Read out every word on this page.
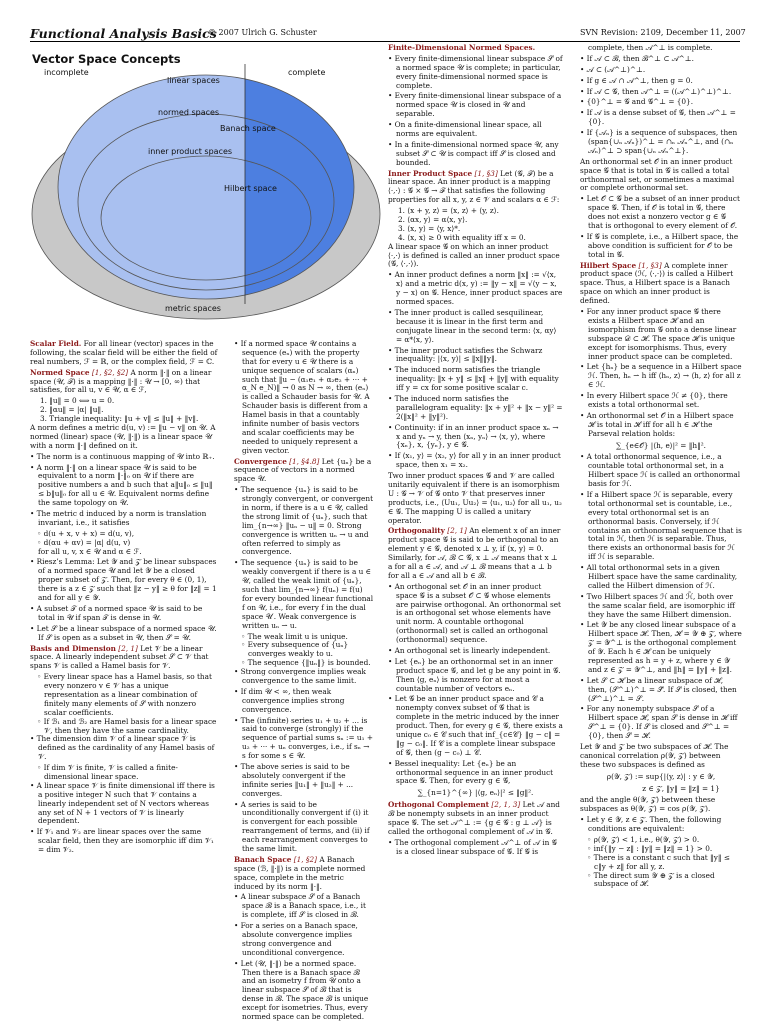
Functional Analysis Basics
© 2007 Ulrich G. Schuster	SVN Revision: 2109, December 11, 2007
Vector Space Concepts
incomplete	complete
linear spaces
normed spaces
Banach space
inner product spaces
Hilbert space
metric spaces

Scalar Field. For all linear (vector) spaces in the following, the scalar field will be either the field of real numbers, ℱ = ℝ, or the complex field, ℱ = ℂ.

Normed Space [1, §2, §2] A norm ‖·‖ on a linear space (𝒰, ℱ) is a mapping ‖·‖ : 𝒰 → [0, ∞) that satisfies, for all u, v ∈ 𝒰, α ∈ ℱ,

1. ‖u‖ = 0 ⟺ u = 0.
2. ‖αu‖ = |α| ‖u‖.
3. Triangle inequality: ‖u + v‖ ≤ ‖u‖ + ‖v‖.

A norm defines a metric d(u, v) := ‖u − v‖ on 𝒰. A normed (linear) space (𝒰, ‖·‖) is a linear space 𝒰 with a norm ‖·‖ defined on it.

• The norm is a continuous mapping of 𝒰 into ℝ₊.
• A norm ‖·‖ on a linear space 𝒰 is said to be equivalent to a norm ‖·‖₀ on 𝒰 if there are positive numbers a and b such that a‖u‖₀ ≤ ‖u‖ ≤ b‖u‖₀ for all u ∈ 𝒰. Equivalent norms define the same topology on 𝒰.
• The metric d induced by a norm is translation invariant, i.e., it satisfies
◦ d(u + x, v + x) = d(u, v),
◦ d(αu + αv) = |α| d(u, v)

for all u, v, x ∈ 𝒰 and α ∈ ℱ.

• Riesz’s Lemma: Let 𝒴 and 𝒵 be linear subspaces of a normed space 𝒰 and let 𝒴 be a closed proper subset of 𝒵. Then, for every θ ∈ (0, 1), there is a z ∈ 𝒵 such that ‖z − y‖ ≥ θ for ‖z‖ = 1 and for all y ∈ 𝒴.
• A subset 𝒯 of a normed space 𝒰 is said to be total in 𝒰 if span 𝒯 is dense in 𝒰.
• Let 𝒮 be a linear subspace of a normed space 𝒰. If 𝒮 is open as a subset in 𝒰, then 𝒮 = 𝒰.

Basis and Dimension [2, 1] Let 𝒱 be a linear space. A linearly independent subset 𝒮 ⊂ 𝒱 that spans 𝒱 is called a Hamel basis for 𝒱.

◦ Every linear space has a Hamel basis, so that every nonzero v ∈ 𝒱 has a unique representation as a linear combination of finitely many elements of 𝒮 with nonzero scalar coefficients.
◦ If ℬ₁ and ℬ₂ are Hamel basis for a linear space 𝒱, then they have the same cardinality.
• The dimension dim 𝒱 of a linear space 𝒱 is defined as the cardinality of any Hamel basis of 𝒱.
◦ If dim 𝒱 is finite, 𝒱 is called a finite-dimensional linear space.
• A linear space 𝒱 is finite dimensional iff there is a positive integer N such that 𝒱 contains a linearly independent set of N vectors whereas any set of N + 1 vectors of 𝒱 is linearly dependent.
• If 𝒱₁ and 𝒱₂ are linear spaces over the same scalar field, then they are isomorphic iff dim 𝒱₁ = dim 𝒱₂.
• If a normed space 𝒰 contains a sequence (eₙ) with the property that for every u ∈ 𝒰 there is a unique sequence of scalars (αₙ) such that ‖u − (α₁e₁ + α₂e₂ + ··· + α_N e_N)‖ → 0 as N → ∞, then (eₙ) is called a Schauder basis for 𝒰. A Schauder basis is different from a Hamel basis in that a countably infinite number of basis vectors and scalar coefficients may be needed to uniquely represent a given vector.

Convergence [1, §4.8] Let {uₙ} be a sequence of vectors in a normed space 𝒰.

• The sequence {uₙ} is said to be strongly convergent, or convergent in norm, if there is a u ∈ 𝒰, called the strong limit of {uₙ}, such that lim_{n→∞} ‖uₙ − u‖ = 0. Strong convergence is written uₙ → u and often referred to simply as convergence.
• The sequence {uₙ} is said to be weakly convergent if there is a u ∈ 𝒰, called the weak limit of {uₙ}, such that lim_{n→∞} f(uₙ) = f(u) for every bounded linear functional f on 𝒰, i.e., for every f in the dual space 𝒰′. Weak convergence is written uₙ ⇀ u.
◦ The weak limit u is unique.
◦ Every subsequence of {uₙ} converges weakly to u.
◦ The sequence {‖uₙ‖} is bounded.
• Strong convergence implies weak convergence to the same limit.
• If dim 𝒰 < ∞, then weak convergence implies strong convergence.
• The (infinite) series u₁ + u₂ + ... is said to converge (strongly) if the sequence of partial sums sₙ := u₁ + u₂ + ··· + uₙ converges, i.e., if sₙ → s for some s ∈ 𝒰.
• The above series is said to be absolutely convergent if the infinite series ‖u₁‖ + ‖u₂‖ + ... converges.
• A series is said to be unconditionally convergent if (i) it is convergent for each possible rearrangement of terms, and (ii) if each rearrangement converges to the same limit.

Banach Space [1, §2] A Banach space (ℬ, ‖·‖) is a complete normed space, complete in the metric induced by its norm ‖·‖.

• A linear subspace 𝒮 of a Banach space ℬ is a Banach space, i.e., it is complete, iff 𝒮 is closed in ℬ.
• For a series on a Banach space, absolute convergence implies strong convergence and unconditional convergence.
• Let (𝒰, ‖·‖) be a normed space. Then there is a Banach space ℬ and an isometry f from 𝒰 onto a linear subspace 𝒮 of ℬ that is dense in ℬ. The space ℬ is unique except for isometries. Thus, every normed space can be completed.

Finite-Dimensional Normed Spaces.

• Every finite-dimensional linear subspace 𝒮 of a normed space 𝒰 is complete; in particular, every finite-dimensional normed space is complete.
• Every finite-dimensional linear subspace of a normed space 𝒰 is closed in 𝒰 and separable.
• On a finite-dimensional linear space, all norms are equivalent.
• In a finite-dimensional normed space 𝒰, any subset 𝒮 ⊂ 𝒰 is compact iff 𝒮 is closed and bounded.

Inner Product Space [1, §3] Let (𝒢, ℱ) be a linear space. An inner product is a mapping ⟨·,·⟩ : 𝒢 × 𝒢 → ℱ that satisfies the following properties for all x, y, z ∈ 𝒱 and scalars α ∈ ℱ:

1. ⟨x + y, z⟩ = ⟨x, z⟩ + ⟨y, z⟩.
2. ⟨αx, y⟩ = α⟨x, y⟩.
3. ⟨x, y⟩ = ⟨y, x⟩*.
4. ⟨x, x⟩ ≥ 0 with equality iff x = 0.

A linear space 𝒢 on which an inner product ⟨·,·⟩ is defined is called an inner product space (𝒢, ⟨·,·⟩).

• An inner product defines a norm ‖x‖ := √⟨x, x⟩ and a metric d(x, y) := ‖y − x‖ = √⟨y − x, y − x⟩ on 𝒢. Hence, inner product spaces are normed spaces.
• The inner product is called sesquilinear, because it is linear in the first term and conjugate linear in the second term: ⟨x, αy⟩ = α*⟨x, y⟩.
• The inner product satisfies the Schwarz inequality: |⟨x, y⟩| ≤ ‖x‖‖y‖.
• The induced norm satisfies the triangle inequality: ‖x + y‖ ≤ ‖x‖ + ‖y‖ with equality iff y = cx for some positive scalar c.
• The induced norm satisfies the parallelogram equality: ‖x + y‖² + ‖x − y‖² = 2(‖x‖² + ‖y‖²).
• Continuity: if in an inner product space xₙ → x and yₙ → y, then ⟨xₙ, yₙ⟩ → ⟨x, y⟩, where {xₙ}, x, {yₙ}, y ∈ 𝒢.
• If ⟨x₁, y⟩ = ⟨x₂, y⟩ for all y in an inner product space, then x₁ = x₂.

Two inner product spaces 𝒢 and 𝒱 are called unitarily equivalent if there is an isomorphism U : 𝒢 → 𝒱 of 𝒢 onto 𝒱 that preserves inner products, i.e., ⟨Uu₁, Uu₂⟩ = ⟨u₁, u₂⟩ for all u₁, u₂ ∈ 𝒢. The mapping U is called a unitary operator.

Orthogonality [2, 1] An element x of an inner product space 𝒢 is said to be orthogonal to an element y ∈ 𝒢, denoted x ⊥ y, if ⟨x, y⟩ = 0. Similarly, for 𝒜, ℬ ⊂ 𝒢, x ⊥ 𝒜 means that x ⊥ a for all a ∈ 𝒜, and 𝒜 ⊥ ℬ means that a ⊥ b for all a ∈ 𝒜 and all b ∈ ℬ.

• An orthogonal set 𝒪 in an inner product space 𝒢 is a subset 𝒪 ⊂ 𝒢 whose elements are pairwise orthogonal. An orthonormal set is an orthogonal set whose elements have unit norm. A countable orthogonal (orthonormal) set is called an orthogonal (orthonormal) sequence.
• An orthogonal set is linearly independent.
• Let {eₙ} be an orthonormal set in an inner product space 𝒢, and let g be any point in 𝒢. Then ⟨g, eₙ⟩ is nonzero for at most a countable number of vectors eₙ.
• Let 𝒢 be an inner product space and 𝒞 a nonempty convex subset of 𝒢 that is complete in the metric induced by the inner product. Then, for every g ∈ 𝒢, there exists a unique c₀ ∈ 𝒞 such that inf_{c∈𝒞} ‖g − c‖ = ‖g − c₀‖. If 𝒞 is a complete linear subspace of 𝒢, then (g − c₀) ⊥ 𝒞.
• Bessel inequality: Let {eₙ} be an orthonormal sequence in an inner product space 𝒢. Then, for every g ∈ 𝒢,
∑_{n=1}^{∞} |⟨g, eₙ⟩|² ≤ ‖g‖².

Orthogonal Complement [2, 1, 3] Let 𝒜 and ℬ be nonempty subsets in an inner product space 𝒢. The set 𝒜^⊥ := {g ∈ 𝒢 : g ⊥ 𝒜} is called the orthogonal complement of 𝒜 in 𝒢.

• The orthogonal complement 𝒜^⊥ of 𝒜 in 𝒢 is a closed linear subspace of 𝒢. If 𝒢 is

complete, then 𝒜^⊥ is complete.

• If 𝒜 ⊂ ℬ, then ℬ^⊥ ⊂ 𝒜^⊥.
• 𝒜 ⊂ (𝒜^⊥)^⊥.
• If g ∈ 𝒜 ∩ 𝒜^⊥, then g = 0.
• If 𝒜 ⊂ 𝒢, then 𝒜^⊥ = ((𝒜^⊥)^⊥)^⊥.
• {0}^⊥ = 𝒢 and 𝒢^⊥ = {0}.
• If 𝒜 is a dense subset of 𝒢, then 𝒜^⊥ = {0}.
• If {𝒜ₙ} is a sequence of subspaces, then (span{∪ₙ 𝒜ₙ})^⊥ = ∩ₙ 𝒜ₙ^⊥, and (∩ₙ 𝒜ₙ)^⊥ ⊃ span{∪ₙ 𝒜ₙ^⊥}.

An orthonormal set 𝒪 in an inner product space 𝒢 that is total in 𝒢 is called a total orthonormal set, or sometimes a maximal or complete orthonormal set.

• Let 𝒪 ⊂ 𝒢 be a subset of an inner product space 𝒢. Then, if 𝒪 is total in 𝒢, there does not exist a nonzero vector g ∈ 𝒢 that is orthogonal to every element of 𝒪.
• If 𝒢 is complete, i.e., a Hilbert space, the above condition is sufficient for 𝒪 to be total in 𝒢.

Hilbert Space [1, §3] A complete inner product space (ℋ, ⟨·,·⟩) is called a Hilbert space. Thus, a Hilbert space is a Banach space on which an inner product is defined.

• For any inner product space 𝒢 there exists a Hilbert space ℋ and an isomorphism from 𝒢 onto a dense linear subspace 𝒟 ⊂ ℋ. The space ℋ is unique except for isomorphisms. Thus, every inner product space can be completed.
• Let {hₙ} be a sequence in a Hilbert space ℋ. Then, hₙ ⇀ h iff ⟨hₙ, z⟩ → ⟨h, z⟩ for all z ∈ ℋ.
• In every Hilbert space ℋ ≠ {0}, there exists a total orthonormal set.
• An orthonormal set 𝒪 in a Hilbert space ℋ is total in ℋ iff for all h ∈ ℋ the Parseval relation holds:
∑_{e∈𝒪} |⟨h, e⟩|² = ‖h‖².
• A total orthonormal sequence, i.e., a countable total orthonormal set, in a Hilbert space ℋ is called an orthonormal basis for ℋ.
• If a Hilbert space ℋ is separable, every total orthonormal set is countable, i.e., every total orthonormal set is an orthonormal basis. Conversely, if ℋ contains an orthonormal sequence that is total in ℋ, then ℋ is separable. Thus, there exists an orthonormal basis for ℋ iff ℋ is separable.
• All total orthonormal sets in a given Hilbert space have the same cardinality, called the Hilbert dimension of ℋ.
• Two Hilbert spaces ℋ and ℋ̃, both over the same scalar field, are isomorphic iff they have the same Hilbert dimension.
• Let 𝒴 be any closed linear subspace of a Hilbert space ℋ. Then, ℋ = 𝒴 ⊕ 𝒵, where 𝒵 = 𝒴^⊥ is the orthogonal complement of 𝒴. Each h ∈ ℋ can be uniquely represented as h = y + z, where y ∈ 𝒴 and z ∈ 𝒵 = 𝒴^⊥, and ‖h‖ = ‖y‖ + ‖z‖.
• Let 𝒮 ⊂ ℋ be a linear subspace of ℋ, then, (𝒮^⊥)^⊥ = 𝒮̄. If 𝒮 is closed, then (𝒮^⊥)^⊥ = 𝒮.
• For any nonempty subspace 𝒮 of a Hilbert space ℋ, span 𝒮 is dense in ℋ iff 𝒮^⊥ = {0}. If 𝒮 is closed and 𝒮^⊥ = {0}, then 𝒮 = ℋ.

Let 𝒴 and 𝒵 be two subspaces of ℋ. The canonical correlation ρ(𝒴, 𝒵) between these two subspaces is defined as

ρ(𝒴, 𝒵) := sup{|⟨y, z⟩| : y ∈ 𝒴,
z ∈ 𝒵, ‖y‖ = ‖z‖ = 1}

and the angle θ(𝒴, 𝒵) between these subspaces as θ(𝒴, 𝒵) = cos ρ(𝒴, 𝒵).

• Let y ∈ 𝒴, z ∈ 𝒵. Then, the following conditions are equivalent:
◦ ρ(𝒴, 𝒵) < 1, i.e., θ(𝒴, 𝒵) > 0.
◦ inf{‖y − z‖ : ‖y‖ = ‖z‖ = 1} > 0.
◦ There is a constant c such that ‖y‖ ≤ c‖y + z‖ for all y, z.
◦ The direct sum 𝒴 ⊕ 𝒵 is a closed subspace of ℋ.
